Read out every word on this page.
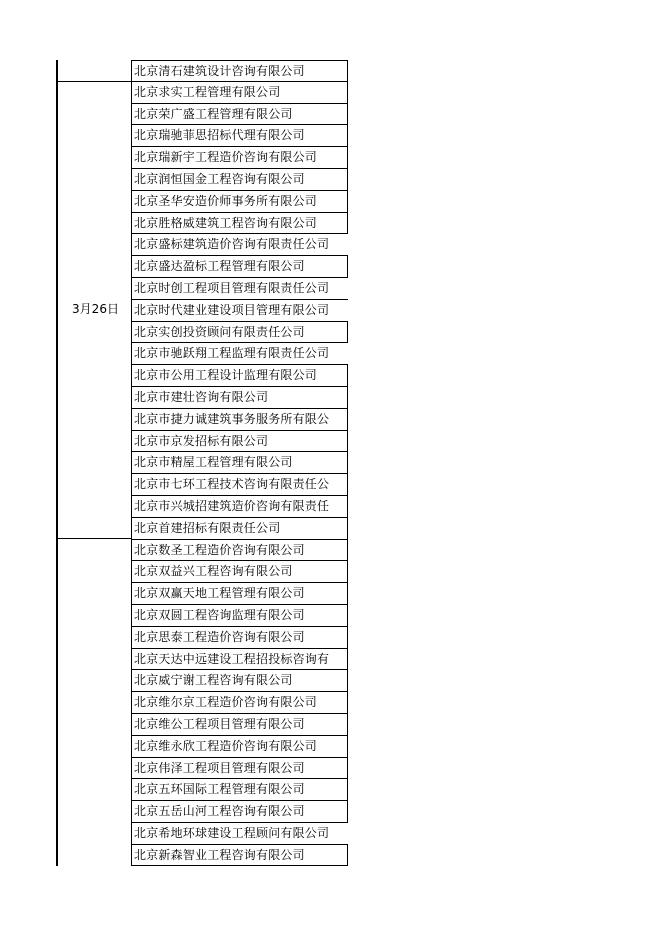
3月26日
北京清石建筑设计咨询有限公司
北京求实工程管理有限公司
北京荣广盛工程管理有限公司
北京瑞驰菲思招标代理有限公司
北京瑞新宇工程造价咨询有限公司
北京润恒国金工程咨询有限公司
北京圣华安造价师事务所有限公司
北京胜格威建筑工程咨询有限公司
北京盛标建筑造价咨询有限责任公司
北京盛达盈标工程管理有限公司
北京时创工程项目管理有限责任公司
北京时代建业建设项目管理有限公司
北京实创投资顾问有限责任公司
北京市驰跃翔工程监理有限责任公司
北京市公用工程设计监理有限公司
北京市建壮咨询有限公司
北京市捷力诚建筑事务服务所有限公
北京市京发招标有限公司
北京市精屋工程管理有限公司
北京市七环工程技术咨询有限责任公
北京市兴城招建筑造价咨询有限责任
北京首建招标有限责任公司
北京数圣工程造价咨询有限公司
北京双益兴工程咨询有限公司
北京双赢天地工程管理有限公司
北京双圆工程咨询监理有限公司
北京思泰工程造价咨询有限公司
北京天达中远建设工程招投标咨询有
北京威宁谢工程咨询有限公司
北京维尔京工程造价咨询有限公司
北京维公工程项目管理有限公司
北京维永欣工程造价咨询有限公司
北京伟泽工程项目管理有限公司
北京五环国际工程管理有限公司
北京五岳山河工程咨询有限公司
北京希地环球建设工程顾问有限公司
北京新森智业工程咨询有限公司
